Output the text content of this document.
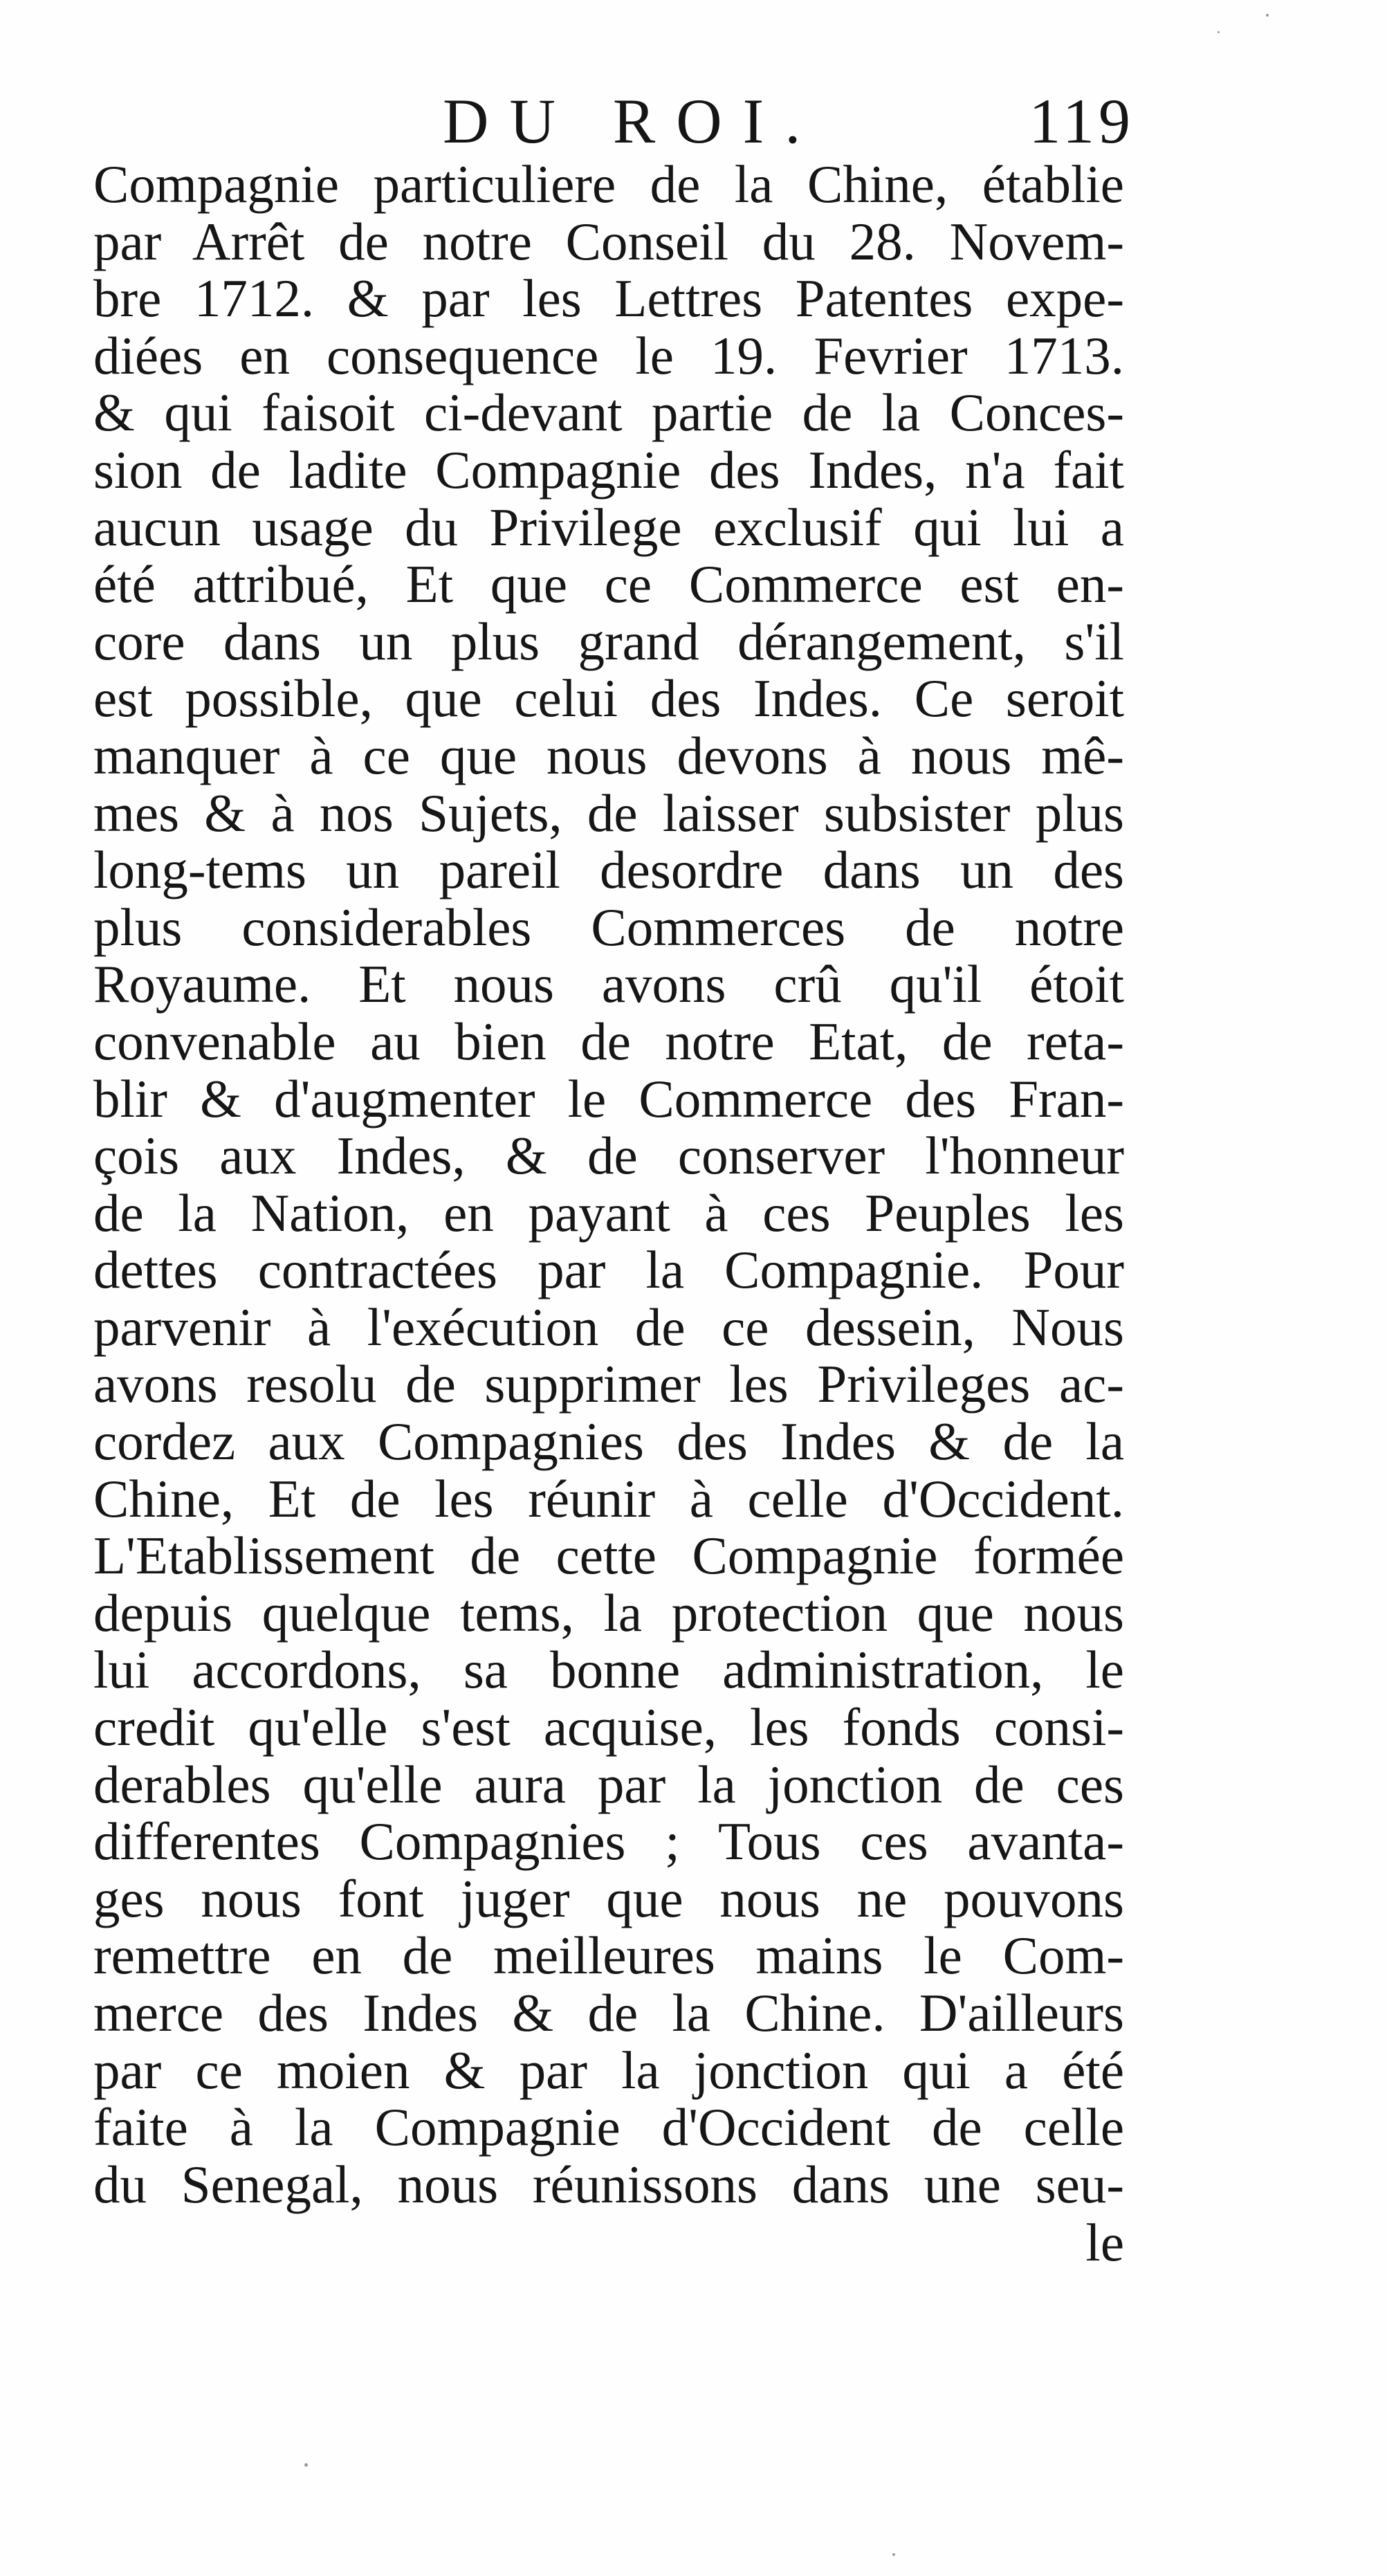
DU ROI.	119
Compagnie particuliere de la Chine, établie
par Arrêt de notre Conseil du 28. Novem-
bre 1712. & par les Lettres Patentes expe-
diées en consequence le 19. Fevrier 1713.
& qui faisoit ci-devant partie de la Conces-
sion de ladite Compagnie des Indes, n'a fait
aucun usage du Privilege exclusif qui lui a
été attribué, Et que ce Commerce est en-
core dans un plus grand dérangement, s'il
est possible, que celui des Indes. Ce seroit
manquer à ce que nous devons à nous mê-
mes & à nos Sujets, de laisser subsister plus
long-tems un pareil desordre dans un des
plus considerables Commerces de notre
Royaume. Et nous avons crû qu'il étoit
convenable au bien de notre Etat, de reta-
blir & d'augmenter le Commerce des Fran-
çois aux Indes, & de conserver l'honneur
de la Nation, en payant à ces Peuples les
dettes contractées par la Compagnie. Pour
parvenir à l'exécution de ce dessein, Nous
avons resolu de supprimer les Privileges ac-
cordez aux Compagnies des Indes & de la
Chine, Et de les réunir à celle d'Occident.
L'Etablissement de cette Compagnie formée
depuis quelque tems, la protection que nous
lui accordons, sa bonne administration, le
credit qu'elle s'est acquise, les fonds consi-
derables qu'elle aura par la jonction de ces
differentes Compagnies ; Tous ces avanta-
ges nous font juger que nous ne pouvons
remettre en de meilleures mains le Com-
merce des Indes & de la Chine. D'ailleurs
par ce moien & par la jonction qui a été
faite à la Compagnie d'Occident de celle
du Senegal, nous réunissons dans une seu-
le
